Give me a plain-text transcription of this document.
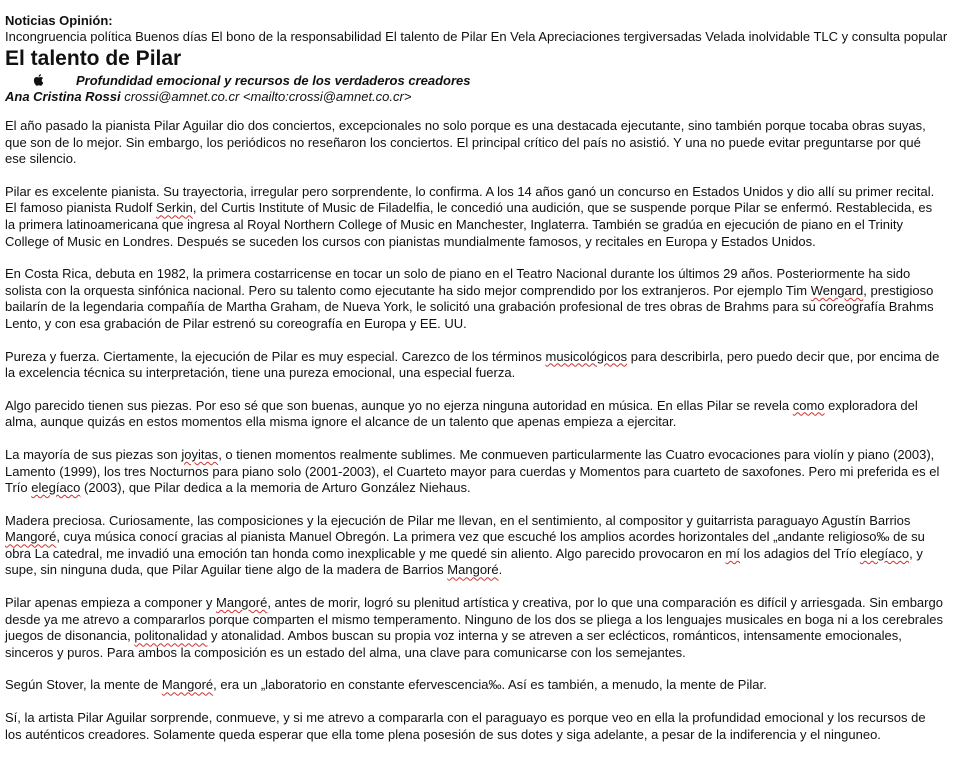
Noticias Opinión:
Incongruencia política Buenos días El bono de la responsabilidad El talento de Pilar En Vela Apreciaciones tergiversadas Velada inolvidable TLC y consulta popular
El talento de Pilar
Profundidad emocional y recursos de los verdaderos creadores
Ana Cristina Rossi crossi@amnet.co.cr <mailto:crossi@amnet.co.cr>

El año pasado la pianista Pilar Aguilar dio dos conciertos, excepcionales no solo porque es una destacada ejecutante, sino también porque tocaba obras suyas, que son de lo mejor. Sin embargo, los periódicos no reseñaron los conciertos. El principal crítico del país no asistió. Y una no puede evitar preguntarse por qué ese silencio.

Pilar es excelente pianista. Su trayectoria, irregular pero sorprendente, lo confirma. A los 14 años ganó un concurso en Estados Unidos y dio allí su primer recital. El famoso pianista Rudolf Serkin, del Curtis Institute of Music de Filadelfia, le concedió una audición, que se suspende porque Pilar se enfermó. Restablecida, es la primera latinoamericana que ingresa al Royal Northern College of Music en Manchester, Inglaterra. También se gradúa en ejecución de piano en el Trinity College of Music en Londres. Después se suceden los cursos con pianistas mundialmente famosos, y recitales en Europa y Estados Unidos.

En Costa Rica, debuta en 1982, la primera costarricense en tocar un solo de piano en el Teatro Nacional durante los últimos 29 años. Posteriormente ha sido solista con la orquesta sinfónica nacional. Pero su talento como ejecutante ha sido mejor comprendido por los extranjeros. Por ejemplo Tim Wengard, prestigioso bailarín de la legendaria compañía de Martha Graham, de Nueva York, le solicitó una grabación profesional de tres obras de Brahms para su coreografía Brahms Lento, y con esa grabación de Pilar estrenó su coreografía en Europa y EE. UU.

Pureza y fuerza. Ciertamente, la ejecución de Pilar es muy especial. Carezco de los términos musicológicos para describirla, pero puedo decir que, por encima de la excelencia técnica su interpretación, tiene una pureza emocional, una especial fuerza.

Algo parecido tienen sus piezas. Por eso sé que son buenas, aunque yo no ejerza ninguna autoridad en música. En ellas Pilar se revela como exploradora del alma, aunque quizás en estos momentos ella misma ignore el alcance de un talento que apenas empieza a ejercitar.

La mayoría de sus piezas son joyitas, o tienen momentos realmente sublimes. Me conmueven particularmente las Cuatro evocaciones para violín y piano (2003), Lamento (1999), los tres Nocturnos para piano solo (2001-2003), el Cuarteto mayor para cuerdas y Momentos para cuarteto de saxofones. Pero mi preferida es el Trío elegíaco (2003), que Pilar dedica a la memoria de Arturo González Niehaus.

Madera preciosa. Curiosamente, las composiciones y la ejecución de Pilar me llevan, en el sentimiento, al compositor y guitarrista paraguayo Agustín Barrios Mangoré, cuya música conocí gracias al pianista Manuel Obregón. La primera vez que escuché los amplios acordes horizontales del „andante religioso‰ de su obra La catedral, me invadió una emoción tan honda como inexplicable y me quedé sin aliento. Algo parecido provocaron en mí los adagios del Trío elegíaco, y supe, sin ninguna duda, que Pilar Aguilar tiene algo de la madera de Barrios Mangoré.

Pilar apenas empieza a componer y Mangoré, antes de morir, logró su plenitud artística y creativa, por lo que una comparación es difícil y arriesgada. Sin embargo desde ya me atrevo a compararlos porque comparten el mismo temperamento. Ninguno de los dos se pliega a los lenguajes musicales en boga ni a los cerebrales juegos de disonancia, politonalidad y atonalidad. Ambos buscan su propia voz interna y se atreven a ser eclécticos, románticos, intensamente emocionales, sinceros y puros. Para ambos la composición es un estado del alma, una clave para comunicarse con los semejantes.

Según Stover, la mente de Mangoré, era un „laboratorio en constante efervescencia‰. Así es también, a menudo, la mente de Pilar.

Sí, la artista Pilar Aguilar sorprende, conmueve, y si me atrevo a compararla con el paraguayo es porque veo en ella la profundidad emocional y los recursos de los auténticos creadores. Solamente queda esperar que ella tome plena posesión de sus dotes y siga adelante, a pesar de la indiferencia y el ninguneo.
